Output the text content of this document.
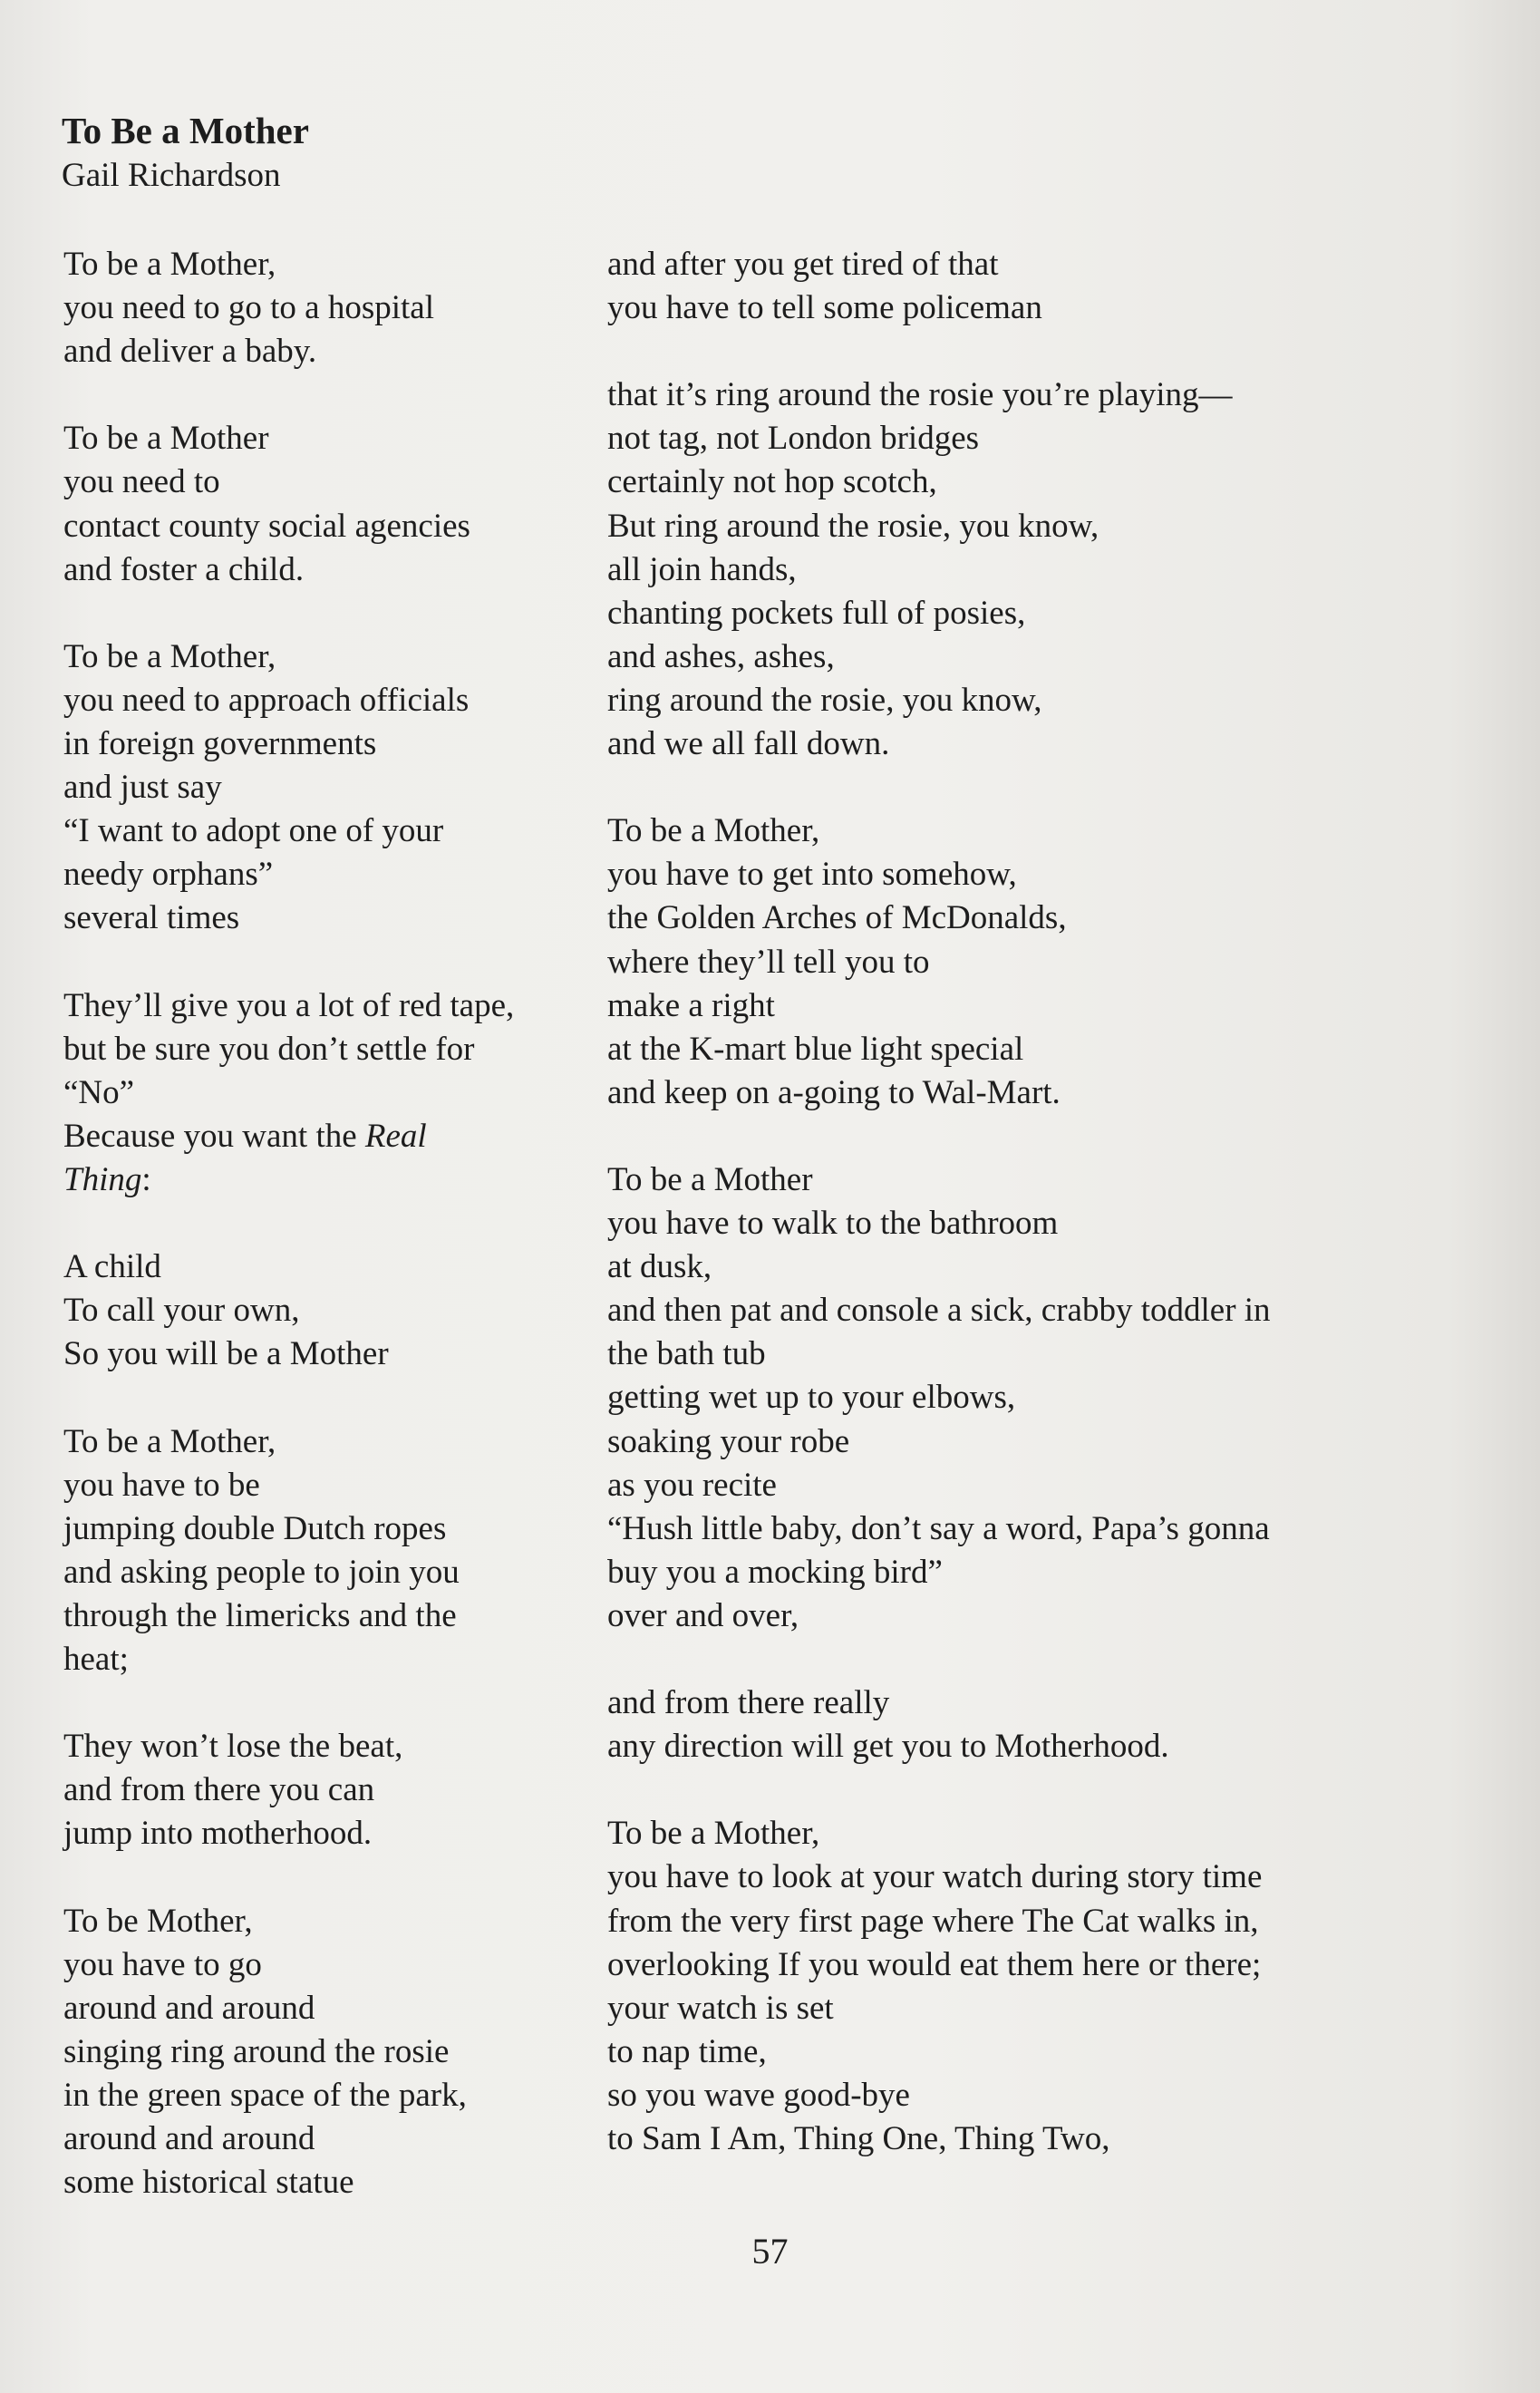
To Be a Mother
Gail Richardson
To be a Mother,
you need to go to a hospital
and deliver a baby.
To be a Mother
you need to
contact county social agencies
and foster a child.
To be a Mother,
you need to approach officials
in foreign governments
and just say
“I want to adopt one of your
needy orphans”
several times
They’ll give you a lot of red tape,
but be sure you don’t settle for
“No”
Because you want the Real
Thing:
A child
To call your own,
So you will be a Mother
To be a Mother,
you have to be
jumping double Dutch ropes
and asking people to join you
through the limericks and the
heat;
They won’t lose the beat,
and from there you can
jump into motherhood.
To be Mother,
you have to go
around and around
singing ring around the rosie
in the green space of the park,
around and around
some historical statue
and after you get tired of that
you have to tell some policeman
that it’s ring around the rosie you’re playing—
not tag, not London bridges
certainly not hop scotch,
But ring around the rosie, you know,
all join hands,
chanting pockets full of posies,
and ashes, ashes,
ring around the rosie, you know,
and we all fall down.
To be a Mother,
you have to get into somehow,
the Golden Arches of McDonalds,
where they’ll tell you to
make a right
at the K-mart blue light special
and keep on a-going to Wal-Mart.
To be a Mother
you have to walk to the bathroom
at dusk,
and then pat and console a sick, crabby toddler in
the bath tub
getting wet up to your elbows,
soaking your robe
as you recite
“Hush little baby, don’t say a word, Papa’s gonna
buy you a mocking bird”
over and over,
and from there really
any direction will get you to Motherhood.
To be a Mother,
you have to look at your watch during story time
from the very first page where The Cat walks in,
overlooking If you would eat them here or there;
your watch is set
to nap time,
so you wave good-bye
to Sam I Am, Thing One, Thing Two,
57
